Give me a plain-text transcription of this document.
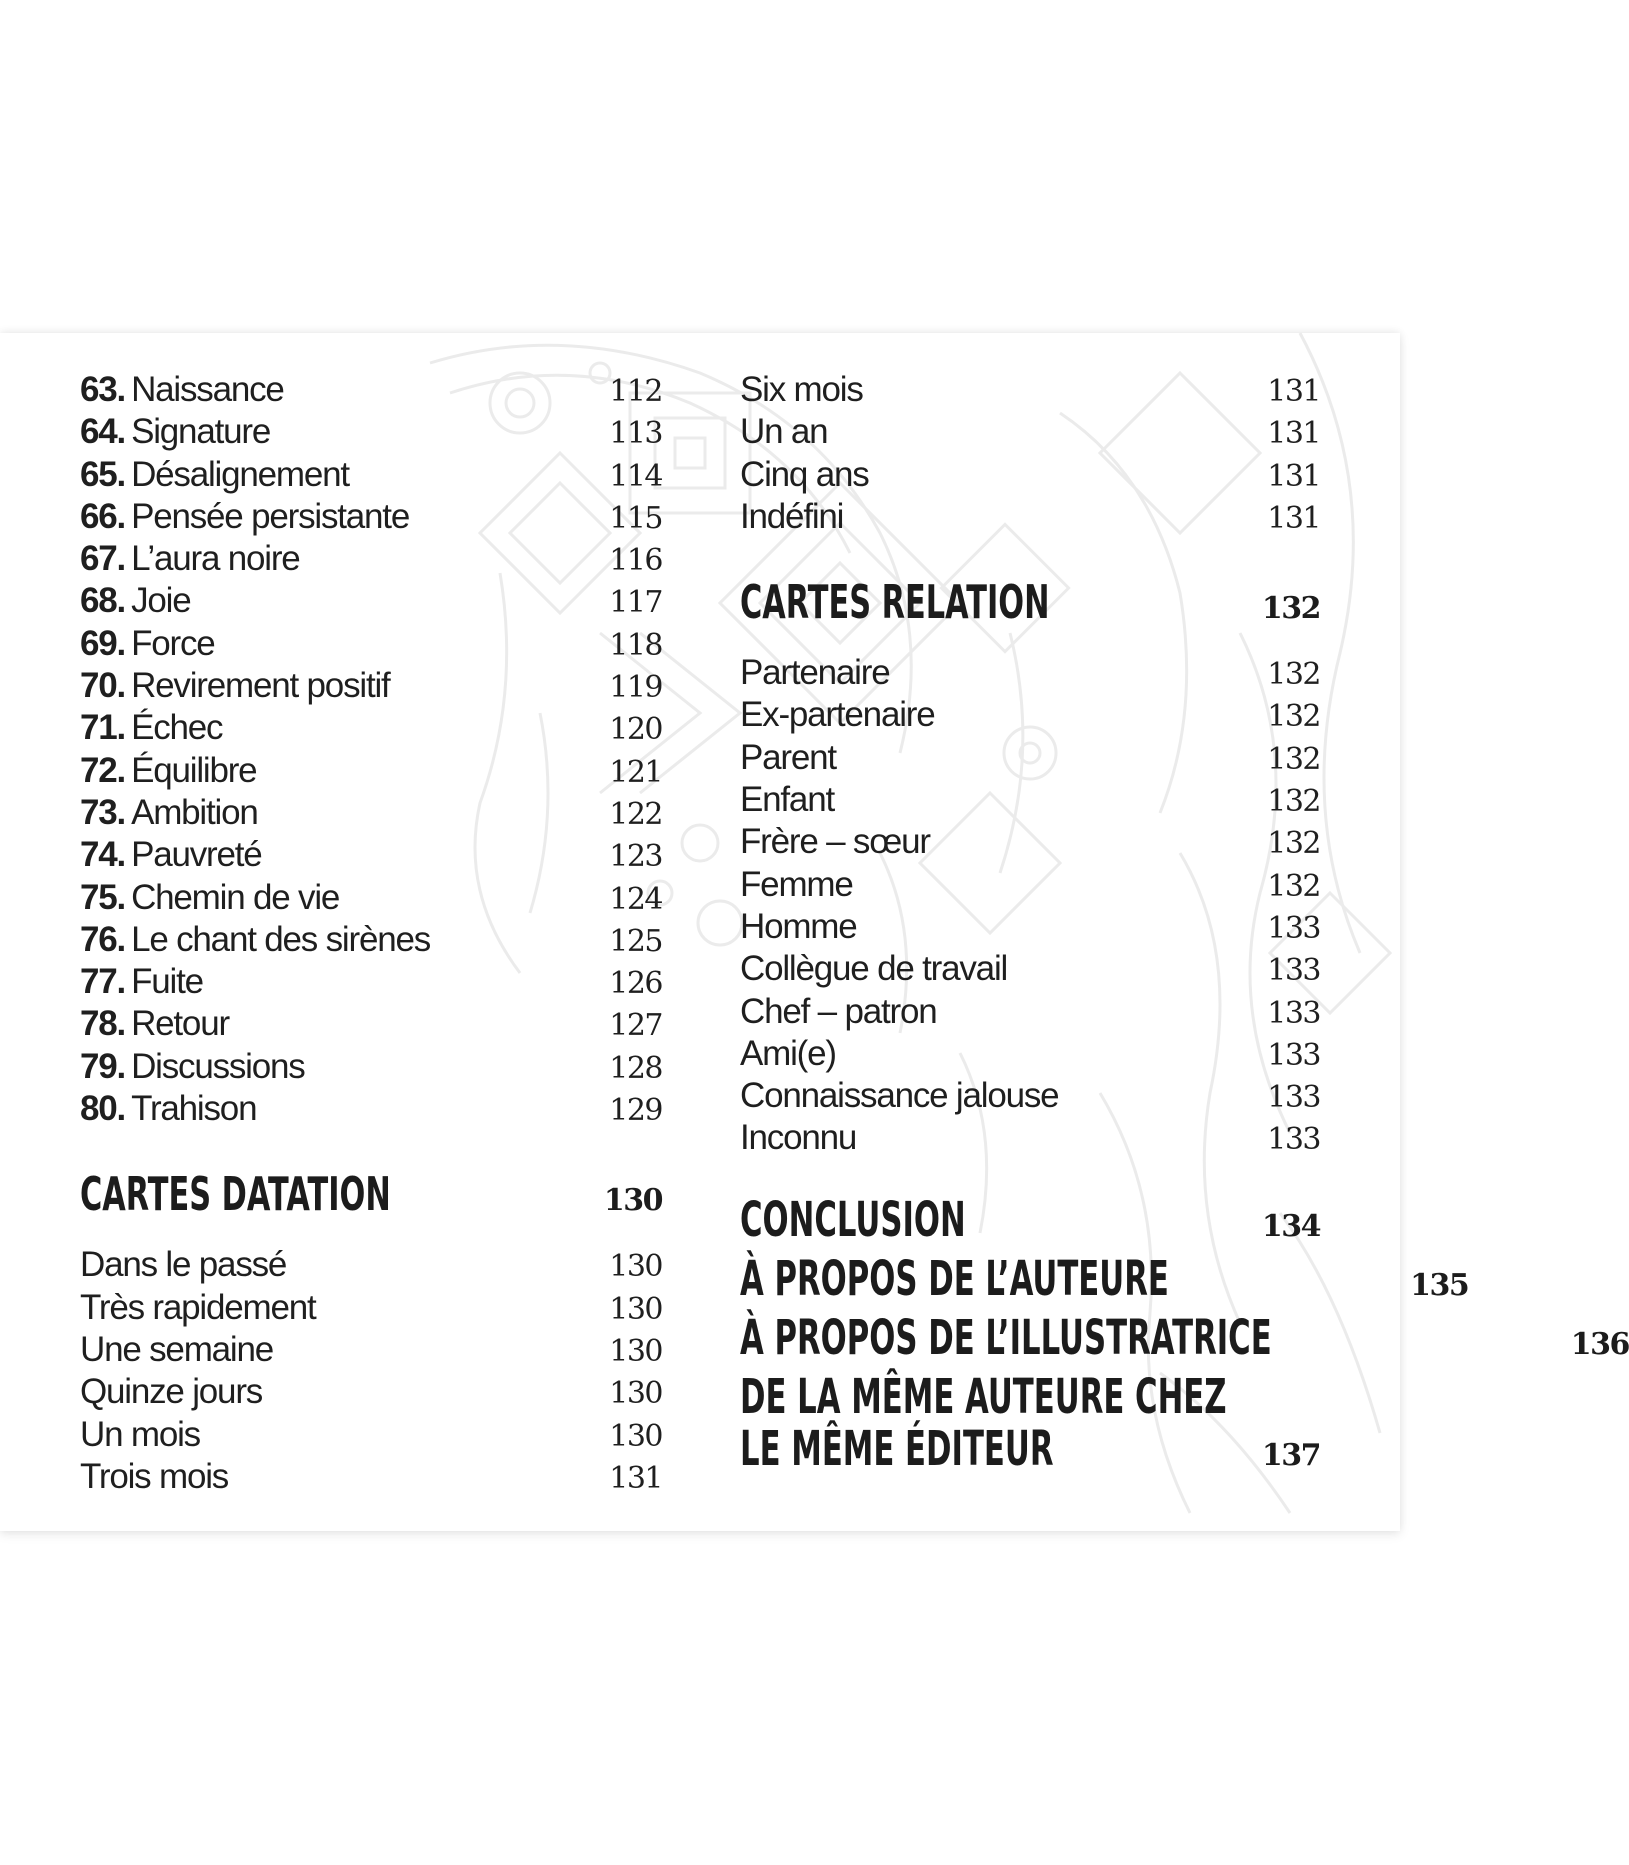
63. Naissance	112
64. Signature	113
65. Désalignement	114
66. Pensée persistante	115
67. L’aura noire	116
68. Joie	117
69. Force	118
70. Revirement positif	119
71. Échec	120
72. Équilibre	121
73. Ambition	122
74. Pauvreté	123
75. Chemin de vie	124
76. Le chant des sirènes	125
77. Fuite	126
78. Retour	127
79. Discussions	128
80. Trahison	129
CARTES DATATION	130
Dans le passé	130
Très rapidement	130
Une semaine	130
Quinze jours	130
Un mois	130
Trois mois	131
Six mois	131
Un an	131
Cinq ans	131
Indéfini	131
CARTES RELATION	132
Partenaire	132
Ex-partenaire	132
Parent	132
Enfant	132
Frère – sœur	132
Femme	132
Homme	133
Collègue de travail	133
Chef – patron	133
Ami(e)	133
Connaissance jalouse	133
Inconnu	133
CONCLUSION	134
À PROPOS DE L’AUTEURE	135
À PROPOS DE L’ILLUSTRATRICE	136
DE LA MÊME AUTEURE CHEZ
LE MÊME ÉDITEUR	137
